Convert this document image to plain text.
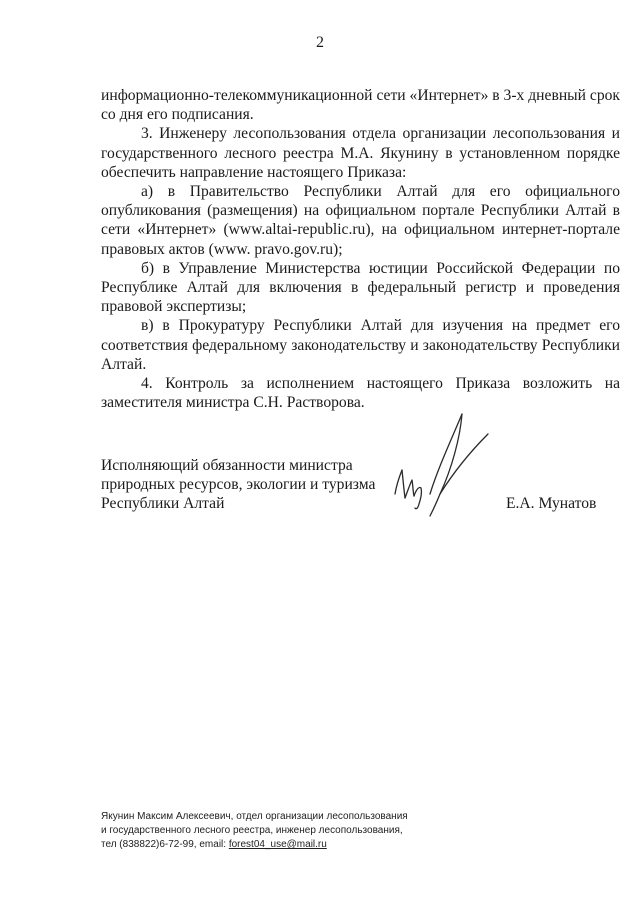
2

информационно-телекоммуникационной сети «Интернет» в 3-х дневный срок со дня его подписания.

3. Инженеру лесопользования отдела организации лесопользования и государственного лесного реестра М.А. Якунину в установленном порядке обеспечить направление настоящего Приказа:

а) в Правительство Республики Алтай для его официального опубликования (размещения) на официальном портале Республики Алтай в сети «Интернет» (www.altai-republic.ru), на официальном интернет-портале правовых актов (www. pravo.gov.ru);

б) в Управление Министерства юстиции Российской Федерации по Республике Алтай для включения в федеральный регистр и проведения правовой экспертизы;

в) в Прокуратуру Республики Алтай для изучения на предмет его соответствия федеральному законодательству и законодательству Республики Алтай.

4. Контроль за исполнением настоящего Приказа возложить на заместителя министра С.Н. Растворова.

Исполняющий обязанности министра
природных ресурсов, экологии и туризма
Республики Алтай	Е.А. Мунатов
Якунин Максим Алексеевич, отдел организации лесопользования
и государственного лесного реестра, инженер лесопользования,
тел (838822)6-72-99, email: forest04_use@mail.ru
